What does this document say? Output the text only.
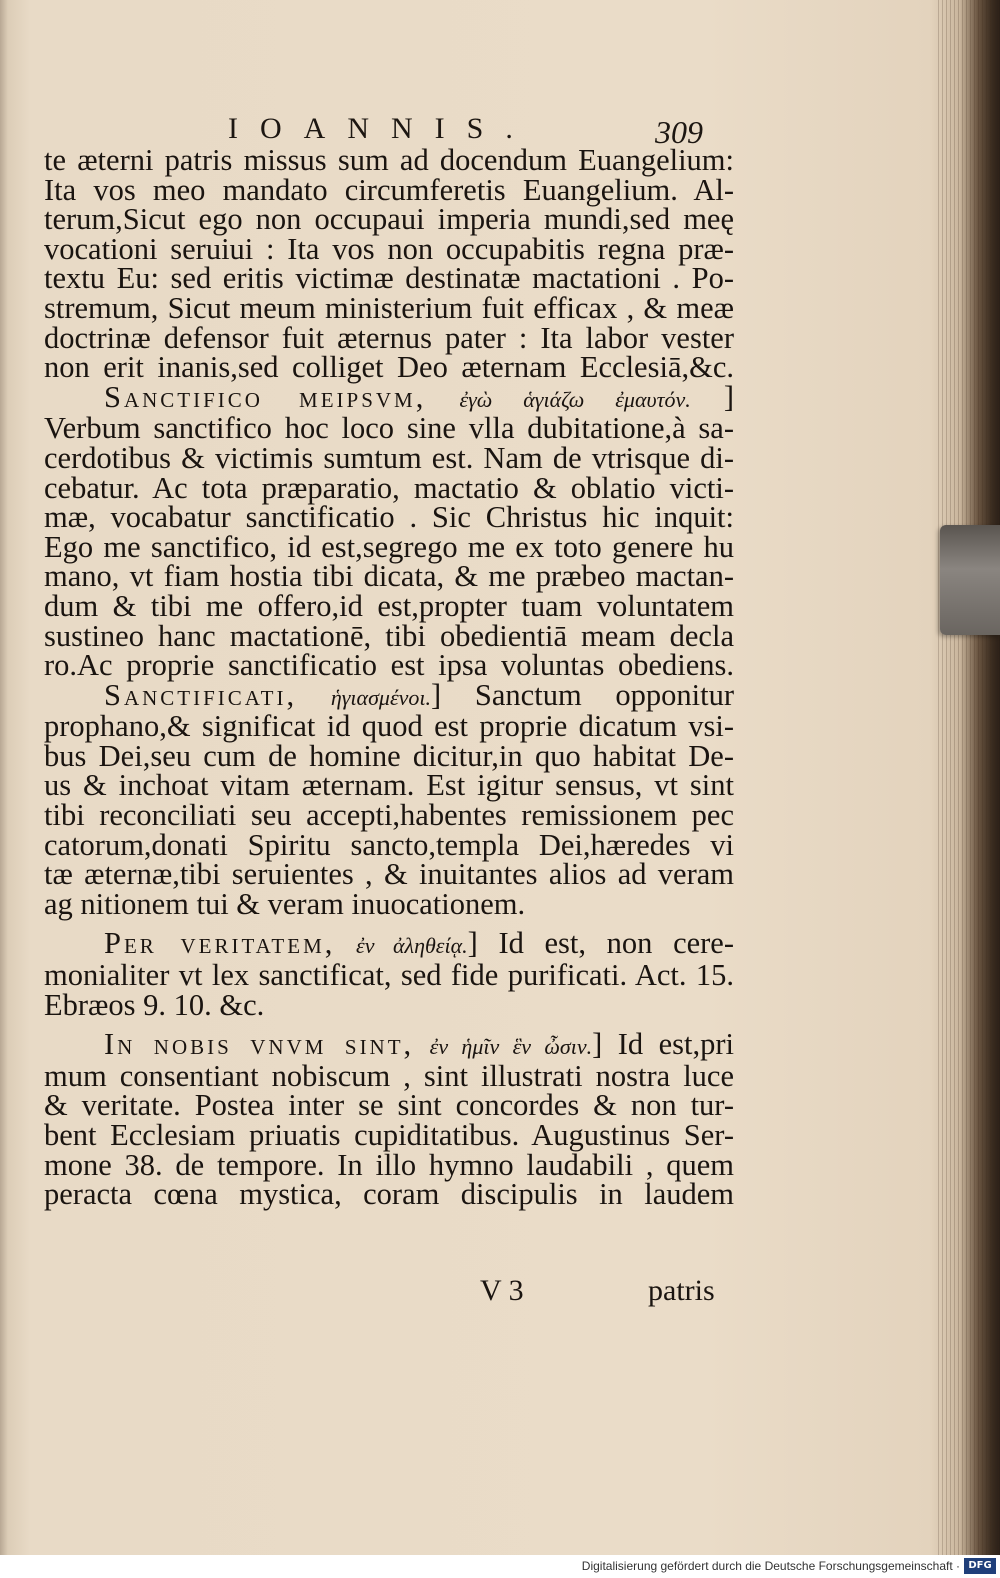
IOANNIS.	309
te æterni patris missus sum ad docendum Euangelium:
Ita vos meo mandato circumferetis Euangelium. Al-
terum,Sicut ego non occupaui imperia mundi,sed meę
vocationi seruiui : Ita vos non occupabitis regna præ-
textu Eu: sed eritis victimæ destinatæ mactationi . Po-
stremum, Sicut meum ministerium fuit efficax , & meæ
doctrinæ defensor fuit æternus pater : Ita labor vester
non erit inanis,sed colliget Deo æternam Ecclesiā,&c.
Sanctifico meipsvm, ἐγὼ ἁγιάζω ἐμαυτόν. ]
Verbum sanctifico hoc loco sine vlla dubitatione,à sa-
cerdotibus & victimis sumtum est. Nam de vtrisque di-
cebatur. Ac tota præparatio, mactatio & oblatio victi-
mæ, vocabatur sanctificatio . Sic Christus hic inquit:
Ego me sanctifico, id est,segrego me ex toto genere hu
mano, vt fiam hostia tibi dicata, & me præbeo mactan-
dum & tibi me offero,id est,propter tuam voluntatem
sustineo hanc mactationē, tibi obedientiā meam decla
ro.Ac proprie sanctificatio est ipsa voluntas obediens.
Sanctificati, ἡγιασμένοι.] Sanctum opponitur
prophano,& significat id quod est proprie dicatum vsi-
bus Dei,seu cum de homine dicitur,in quo habitat De-
us & inchoat vitam æternam. Est igitur sensus, vt sint
tibi reconciliati seu accepti,habentes remissionem pec
catorum,donati Spiritu sancto,templa Dei,hæredes vi
tæ æternæ,tibi seruientes , & inuitantes alios ad veram
ag nitionem tui & veram inuocationem.
Per veritatem, ἐν ἀληθείᾳ.] Id est, non cere-
monialiter vt lex sanctificat, sed fide purificati. Act. 15.
Ebræos 9. 10. &c.
In nobis vnvm sint, ἐν ἡμῖν ἓν ὦσιν.] Id est,pri
mum consentiant nobiscum , sint illustrati nostra luce
& veritate. Postea inter se sint concordes & non tur-
bent Ecclesiam priuatis cupiditatibus. Augustinus Ser-
mone 38. de tempore. In illo hymno laudabili , quem
peracta cœna mystica, coram discipulis in laudem
V 3	patris
Digitalisierung gefördert durch die Deutsche Forschungsgemeinschaft · DFG
